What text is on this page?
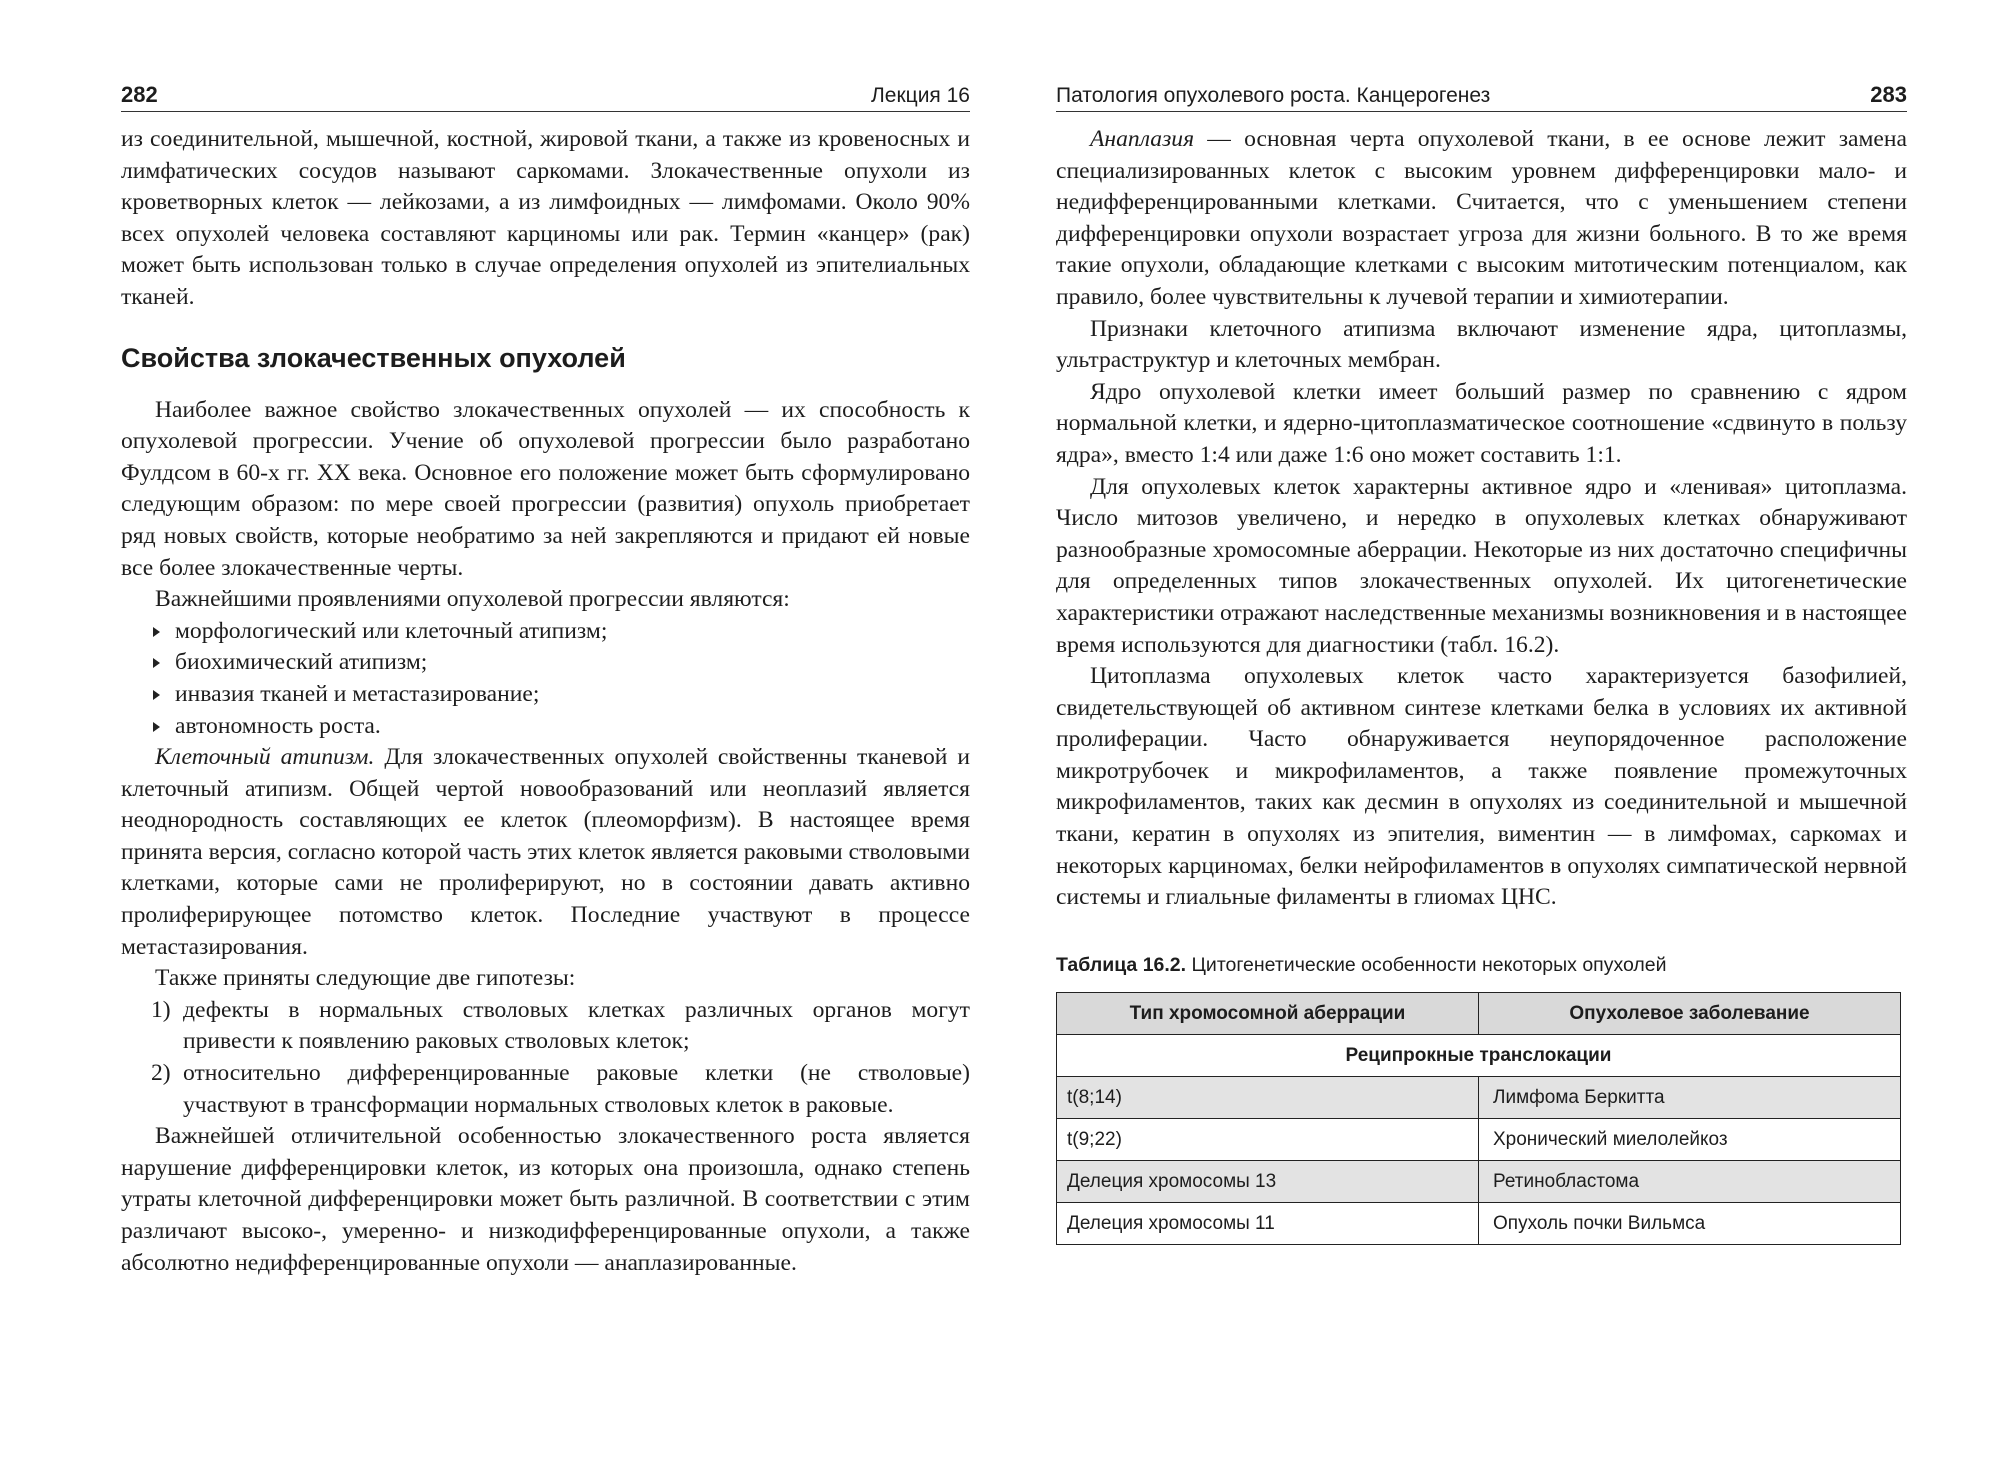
282	Лекция 16

из соединительной, мышечной, костной, жировой ткани, а также из кровеносных и лимфатических сосудов называют саркомами. Злокачественные опухоли из кроветворных клеток — лейкозами, а из лимфоидных — лимфомами. Около 90% всех опухолей человека составляют карциномы или рак. Термин «канцер» (рак) может быть использован только в случае определения опухолей из эпителиальных тканей.

Свойства злокачественных опухолей

Наиболее важное свойство злокачественных опухолей — их способность к опухолевой прогрессии. Учение об опухолевой прогрессии было разработано Фулдсом в 60-х гг. XX века. Основное его положение может быть сформулировано следующим образом: по мере своей прогрессии (развития) опухоль приобретает ряд новых свойств, которые необратимо за ней закрепляются и придают ей новые все более злокачественные черты.

Важнейшими проявлениями опухолевой прогрессии являются:

морфологический или клеточный атипизм;
биохимический атипизм;
инвазия тканей и метастазирование;
автономность роста.

Клеточный атипизм. Для злокачественных опухолей свойственны тканевой и клеточный атипизм. Общей чертой новообразований или неоплазий является неоднородность составляющих ее клеток (плеоморфизм). В настоящее время принята версия, согласно которой часть этих клеток является раковыми стволовыми клетками, которые сами не пролиферируют, но в состоянии давать активно пролиферирующее потомство клеток. Последние участвуют в процессе метастазирования.

Также приняты следующие две гипотезы:

1) дефекты в нормальных стволовых клетках различных органов могут привести к появлению раковых стволовых клеток;
2) относительно дифференцированные раковые клетки (не стволовые) участвуют в трансформации нормальных стволовых клеток в раковые.

Важнейшей отличительной особенностью злокачественного роста является нарушение дифференцировки клеток, из которых она произошла, однако степень утраты клеточной дифференцировки может быть различной. В соответствии с этим различают высоко-, умеренно- и низкодифференцированные опухоли, а также абсолютно недифференцированные опухоли — анаплазированные.

Патология опухолевого роста. Канцерогенез	283

Анаплазия — основная черта опухолевой ткани, в ее основе лежит замена специализированных клеток с высоким уровнем дифференцировки мало- и недифференцированными клетками. Считается, что с уменьшением степени дифференцировки опухоли возрастает угроза для жизни больного. В то же время такие опухоли, обладающие клетками с высоким митотическим потенциалом, как правило, более чувствительны к лучевой терапии и химиотерапии.

Признаки клеточного атипизма включают изменение ядра, цитоплазмы, ультраструктур и клеточных мембран.

Ядро опухолевой клетки имеет больший размер по сравнению с ядром нормальной клетки, и ядерно-цитоплазматическое соотношение «сдвинуто в пользу ядра», вместо 1:4 или даже 1:6 оно может составить 1:1.

Для опухолевых клеток характерны активное ядро и «ленивая» цитоплазма. Число митозов увеличено, и нередко в опухолевых клетках обнаруживают разнообразные хромосомные аберрации. Некоторые из них достаточно специфичны для определенных типов злокачественных опухолей. Их цитогенетические характеристики отражают наследственные механизмы возникновения и в настоящее время используются для диагностики (табл. 16.2).

Цитоплазма опухолевых клеток часто характеризуется базофилией, свидетельствующей об активном синтезе клетками белка в условиях их активной пролиферации. Часто обнаруживается неупорядоченное расположение микротрубочек и микрофиламентов, а также появление промежуточных микрофиламентов, таких как десмин в опухолях из соединительной и мышечной ткани, кератин в опухолях из эпителия, виментин — в лимфомах, саркомах и некоторых карциномах, белки нейрофиламентов в опухолях симпатической нервной системы и глиальные филаменты в глиомах ЦНС.

Таблица 16.2. Цитогенетические особенности некоторых опухолей
Тип хромосомной аберрации	Опухолевое заболевание
Реципрокные транслокации	
t(8;14)	Лимфома Беркитта
t(9;22)	Хронический миелолейкоз
Делеция хромосомы 13	Ретинобластома
Делеция хромосомы 11	Опухоль почки Вильмса
